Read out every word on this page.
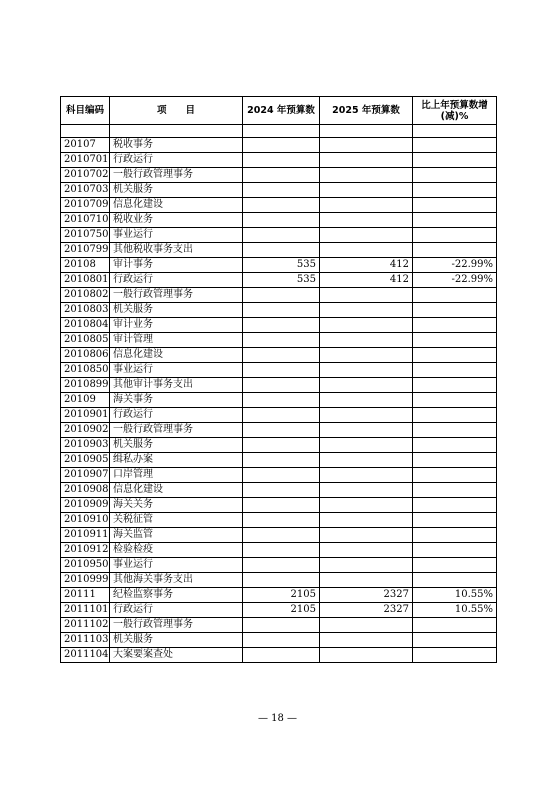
科目编码	项　　目	2024 年预算数	2025 年预算数	比上年预算数增(减)%

20107	税收事务			
2010701	行政运行			
2010702	一般行政管理事务			
2010703	机关服务			
2010709	信息化建设			
2010710	税收业务			
2010750	事业运行			
2010799	其他税收事务支出			
20108	审计事务	535	412	-22.99%
2010801	行政运行	535	412	-22.99%
2010802	一般行政管理事务			
2010803	机关服务			
2010804	审计业务			
2010805	审计管理			
2010806	信息化建设			
2010850	事业运行			
2010899	其他审计事务支出			
20109	海关事务			
2010901	行政运行			
2010902	一般行政管理事务			
2010903	机关服务			
2010905	缉私办案			
2010907	口岸管理			
2010908	信息化建设			
2010909	海关关务			
2010910	关税征管			
2010911	海关监管			
2010912	检验检疫			
2010950	事业运行			
2010999	其他海关事务支出			
20111	纪检监察事务	2105	2327	10.55%
2011101	行政运行	2105	2327	10.55%
2011102	一般行政管理事务			
2011103	机关服务			
2011104	大案要案查处			
— 18 —
